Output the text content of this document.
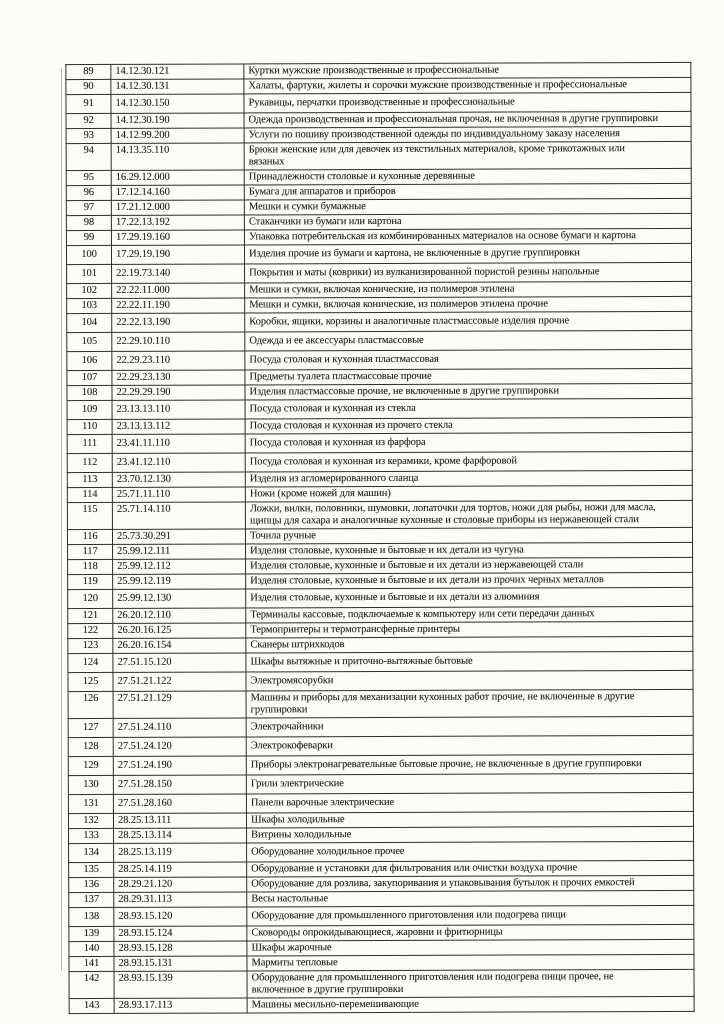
89	14.12.30.121	Куртки мужские производственные и профессиональные
90	14.12.30.131	Халаты, фартуки, жилеты и сорочки мужские производственные и профессиональные
91	14.12.30.150	Рукавицы, перчатки производственные и профессиональные
92	14.12.30.190	Одежда производственная и профессиональная прочая, не включенная в другие группировки
93	14.12.99.200	Услуги по пошиву производственной одежды по индивидуальному заказу населения
94	14.13.35.110	Брюки женские или для девочек из текстильных материалов, кроме трикотажных или
вязаных
95	16.29.12.000	Принадлежности столовые и кухонные деревянные
96	17.12.14.160	Бумага для аппаратов и приборов
97	17.21.12.000	Мешки и сумки бумажные
98	17.22.13.192	Стаканчики из бумаги или картона
99	17.29.19.160	Упаковка потребительская из комбинированных материалов на основе бумаги и картона
100	17.29.19.190	Изделия прочие из бумаги и картона, не включенные в другие группировки
101	22.19.73.140	Покрытия и маты (коврики) из вулканизированной пористой резины напольные
102	22.22.11.000	Мешки и сумки, включая конические, из полимеров этилена
103	22.22.11.190	Мешки и сумки, включая конические, из полимеров этилена прочие
104	22.22.13.190	Коробки, ящики, корзины и аналогичные пластмассовые изделия прочие
105	22.29.10.110	Одежда и ее аксессуары пластмассовые
106	22.29.23.110	Посуда столовая и кухонная пластмассовая
107	22.29.23.130	Предметы туалета пластмассовые прочие
108	22.29.29.190	Изделия пластмассовые прочие, не включенные в другие группировки
109	23.13.13.110	Посуда столовая и кухонная из стекла
110	23.13.13.112	Посуда столовая и кухонная из прочего стекла
111	23.41.11.110	Посуда столовая и кухонная из фарфора
112	23.41.12.110	Посуда столовая и кухонная из керамики, кроме фарфоровой
113	23.70.12.130	Изделия из агломерированного сланца
114	25.71.11.110	Ножи (кроме ножей для машин)
115	25.71.14.110	Ложки, вилки, половники, шумовки, лопаточки для тортов, ножи для рыбы, ножи для масла,
щипцы для сахара и аналогичные кухонные и столовые приборы из нержавеющей стали
116	25.73.30.291	Точила ручные
117	25.99.12.111	Изделия столовые, кухонные и бытовые и их детали из чугуна
118	25.99.12.112	Изделия столовые, кухонные и бытовые и их детали из нержавеющей стали
119	25.99.12.119	Изделия столовые, кухонные и бытовые и их детали из прочих черных металлов
120	25.99.12.130	Изделия столовые, кухонные и бытовые и их детали из алюминия
121	26.20.12.110	Терминалы кассовые, подключаемые к компьютеру или сети передачи данных
122	26.20.16.125	Термопринтеры и термотрансферные принтеры
123	26.20.16.154	Сканеры штрихкодов
124	27.51.15.120	Шкафы вытяжные и приточно-вытяжные бытовые
125	27.51.21.122	Электромясорубки
126	27.51.21.129	Машины и приборы для механизации кухонных работ прочие, не включенные в другие
группировки
127	27.51.24.110	Электрочайники
128	27.51.24.120	Электрокофеварки
129	27.51.24.190	Приборы электронагревательные бытовые прочие, не включенные в другие группировки
130	27.51.28.150	Грили электрические
131	27.51.28.160	Панели варочные электрические
132	28.25.13.111	Шкафы холодильные
133	28.25.13.114	Витрины холодильные
134	28.25.13.119	Оборудование холодильное прочее
135	28.25.14.119	Оборудование и установки для фильтрования или очистки воздуха прочие
136	28.29.21.120	Оборудование для розлива, закупоривания и упаковывания бутылок и прочих емкостей
137	28.29.31.113	Весы настольные
138	28.93.15.120	Оборудование для промышленного приготовления или подогрева пищи
139	28.93.15.124	Сковороды опрокидывающиеся, жаровни и фритюрницы
140	28.93.15.128	Шкафы жарочные
141	28.93.15.131	Мармиты тепловые
142	28.93.15.139	Оборудование для промышленного приготовления или подогрева пищи прочее, не
включенное в другие группировки
143	28.93.17.113	Машины месильно-перемешивающие
